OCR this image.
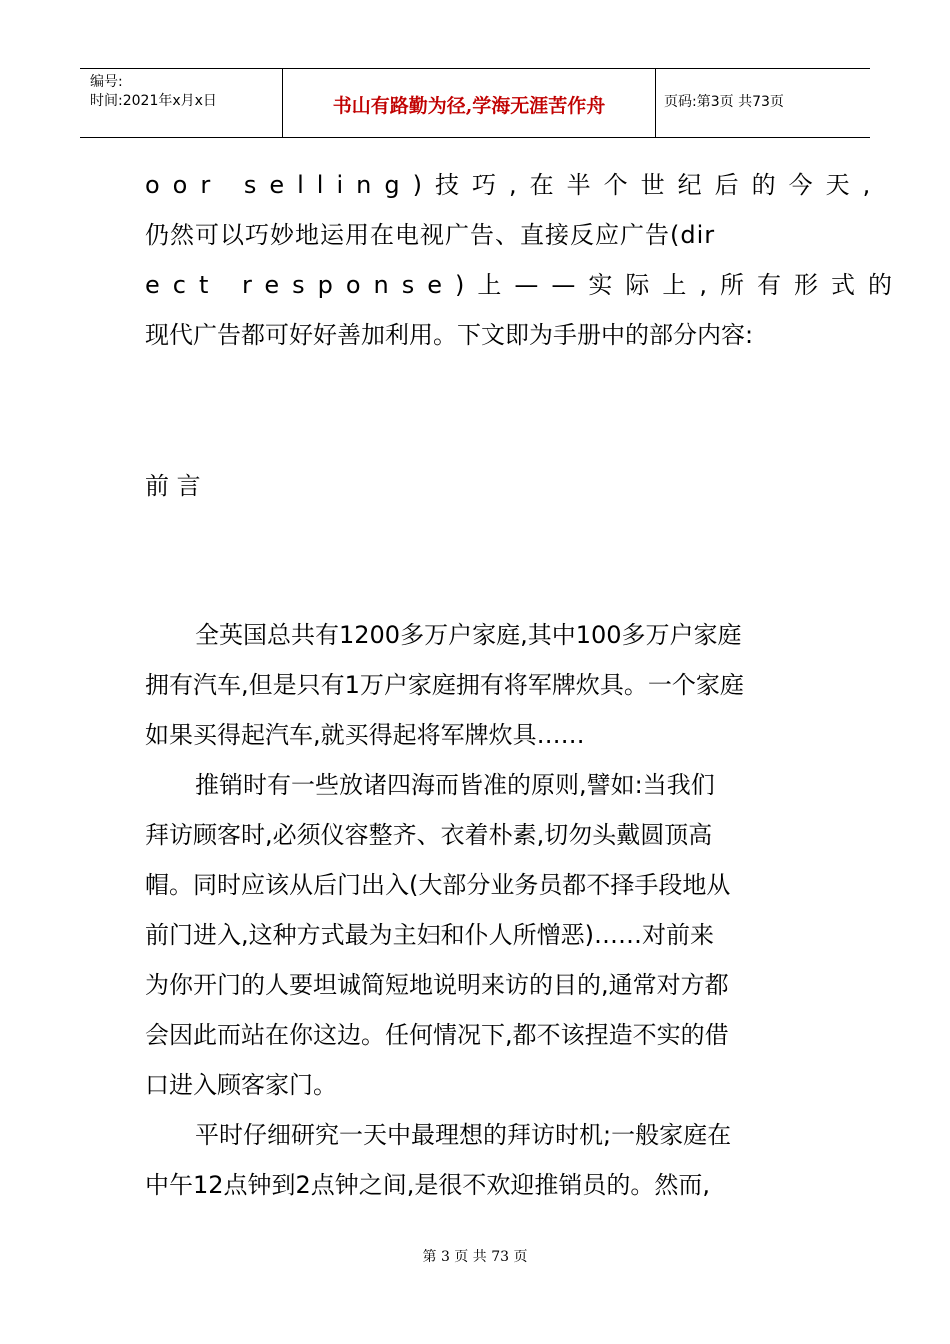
编号:
时间:2021年x月x日	书山有路勤为径,学海无涯苦作舟	页码:第3页 共73页
oor selling)技巧,在半个世纪后的今天,
仍然可以巧妙地运用在电视广告、直接反应广告(dir
ect response)上——实际上,所有形式的
现代广告都可好好善加利用。下文即为手册中的部分内容:
前 言
全英国总共有1200多万户家庭,其中100多万户家庭
拥有汽车,但是只有1万户家庭拥有将军牌炊具。一个家庭
如果买得起汽车,就买得起将军牌炊具……
推销时有一些放诸四海而皆准的原则,譬如:当我们
拜访顾客时,必须仪容整齐、衣着朴素,切勿头戴圆顶高
帽。同时应该从后门出入(大部分业务员都不择手段地从
前门进入,这种方式最为主妇和仆人所憎恶)……对前来
为你开门的人要坦诚简短地说明来访的目的,通常对方都
会因此而站在你这边。任何情况下,都不该捏造不实的借
口进入顾客家门。
平时仔细研究一天中最理想的拜访时机;一般家庭在
中午12点钟到2点钟之间,是很不欢迎推销员的。然而,
第 3 页 共 73 页
